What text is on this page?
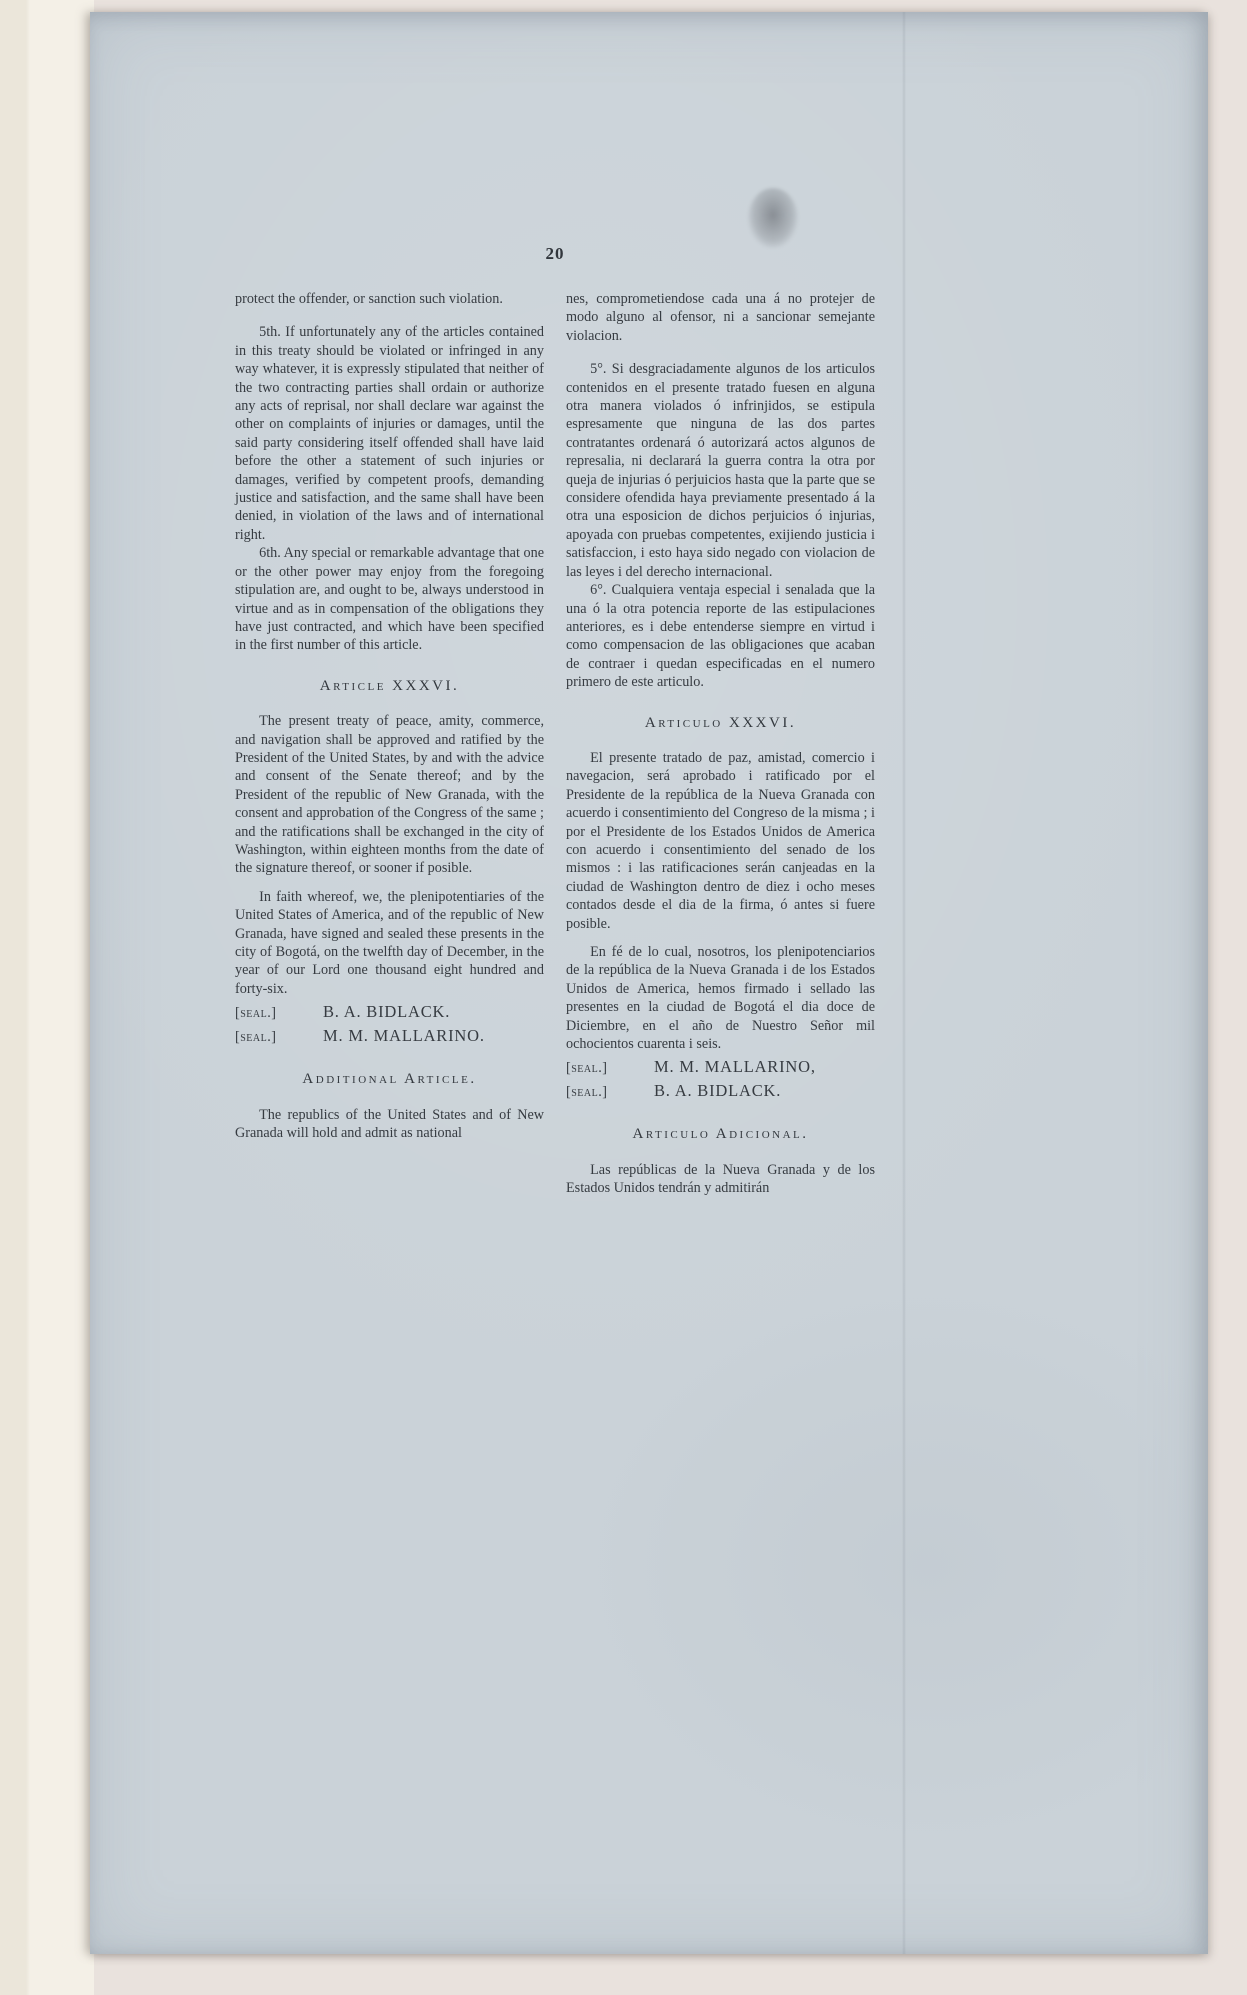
20

protect the offender, or sanction such violation.

5th. If unfortunately any of the articles contained in this treaty should be violated or infringed in any way whatever, it is expressly stipulated that neither of the two contracting parties shall ordain or authorize any acts of reprisal, nor shall declare war against the other on complaints of injuries or damages, until the said party considering itself offended shall have laid before the other a statement of such injuries or damages, verified by competent proofs, demanding justice and satisfaction, and the same shall have been denied, in violation of the laws and of international right.

6th. Any special or remarkable advantage that one or the other power may enjoy from the foregoing stipulation are, and ought to be, always understood in virtue and as in compensation of the obligations they have just contracted, and which have been specified in the first number of this article.

Article XXXVI.

The present treaty of peace, amity, commerce, and navigation shall be approved and ratified by the President of the United States, by and with the advice and consent of the Senate thereof; and by the President of the republic of New Granada, with the consent and approbation of the Congress of the same ; and the ratifications shall be exchanged in the city of Washington, within eighteen months from the date of the signature thereof, or sooner if posible.

In faith whereof, we, the plenipotentiaries of the United States of America, and of the republic of New Granada, have signed and sealed these presents in the city of Bogotá, on the twelfth day of December, in the year of our Lord one thousand eight hundred and forty-six.

[seal.]	B. A. BIDLACK.
[seal.]	M. M. MALLARINO.
Additional Article.

The republics of the United States and of New Granada will hold and admit as national

nes, comprometiendose cada una á no protejer de modo alguno al ofensor, ni a sancionar semejante violacion.

5°. Si desgraciadamente algunos de los articulos contenidos en el presente tratado fuesen en alguna otra manera violados ó infrinjidos, se estipula espresamente que ninguna de las dos partes contratantes ordenará ó autorizará actos algunos de represalia, ni declarará la guerra contra la otra por queja de injurias ó perjuicios hasta que la parte que se considere ofendida haya previamente presentado á la otra una esposicion de dichos perjuicios ó injurias, apoyada con pruebas competentes, exijiendo justicia i satisfaccion, i esto haya sido negado con violacion de las leyes i del derecho internacional.

6°. Cualquiera ventaja especial i senalada que la una ó la otra potencia reporte de las estipulaciones anteriores, es i debe entenderse siempre en virtud i como compensacion de las obligaciones que acaban de contraer i quedan especificadas en el numero primero de este articulo.

Articulo XXXVI.

El presente tratado de paz, amistad, comercio i navegacion, será aprobado i ratificado por el Presidente de la república de la Nueva Granada con acuerdo i consentimiento del Congreso de la misma ; i por el Presidente de los Estados Unidos de America con acuerdo i consentimiento del senado de los mismos : i las ratificaciones serán canjeadas en la ciudad de Washington dentro de diez i ocho meses contados desde el dia de la firma, ó antes si fuere posible.

En fé de lo cual, nosotros, los plenipotenciarios de la república de la Nueva Granada i de los Estados Unidos de America, hemos firmado i sellado las presentes en la ciudad de Bogotá el dia doce de Diciembre, en el año de Nuestro Señor mil ochocientos cuarenta i seis.

[seal.]	M. M. MALLARINO,
[seal.]	B. A. BIDLACK.
Articulo Adicional.

Las repúblicas de la Nueva Granada y de los Estados Unidos tendrán y admitirán
